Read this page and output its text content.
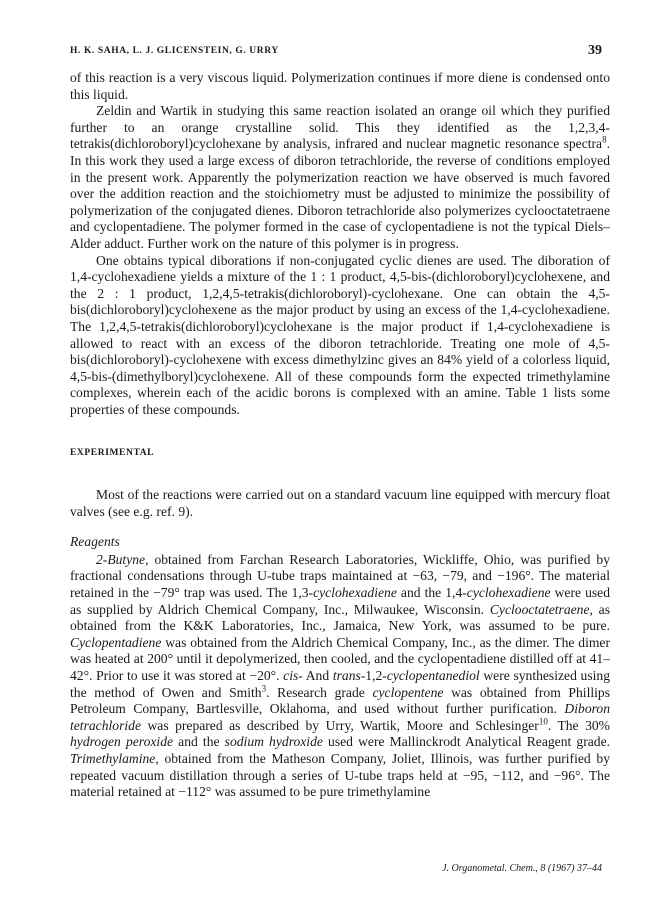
H. K. SAHA, L. J. GLICENSTEIN, G. URRY	39

of this reaction is a very viscous liquid. Polymerization continues if more diene is condensed onto this liquid.

Zeldin and Wartik in studying this same reaction isolated an orange oil which they purified further to an orange crystalline solid. This they identified as the 1,2,3,4-tetrakis(dichloroboryl)cyclohexane by analysis, infrared and nuclear magnetic resonance spectra$^8$. In this work they used a large excess of diboron tetrachloride, the reverse of conditions employed in the present work. Apparently the polymerization reaction we have observed is much favored over the addition reaction and the stoichiometry must be adjusted to minimize the possibility of polymerization of the conjugated dienes. Diboron tetrachloride also polymerizes cyclooctatetraene and cyclopentadiene. The polymer formed in the case of cyclopentadiene is not the typical Diels–Alder adduct. Further work on the nature of this polymer is in progress.

One obtains typical diborations if non-conjugated cyclic dienes are used. The diboration of 1,4-cyclohexadiene yields a mixture of the 1 : 1 product, 4,5-bis-(dichloroboryl)cyclohexene, and the 2 : 1 product, 1,2,4,5-tetrakis(dichloroboryl)-cyclohexane. One can obtain the 4,5-bis(dichloroboryl)cyclohexene as the major product by using an excess of the 1,4-cyclohexadiene. The 1,2,4,5-tetrakis(dichloroboryl)cyclohexane is the major product if 1,4-cyclohexadiene is allowed to react with an excess of the diboron tetrachloride. Treating one mole of 4,5-bis(dichloroboryl)-cyclohexene with excess dimethylzinc gives an 84% yield of a colorless liquid, 4,5-bis-(dimethylboryl)cyclohexene. All of these compounds form the expected trimethylamine complexes, wherein each of the acidic borons is complexed with an amine. Table 1 lists some properties of these compounds.

EXPERIMENTAL

Most of the reactions were carried out on a standard vacuum line equipped with mercury float valves (see e.g. ref. 9).

Reagents

2-Butyne, obtained from Farchan Research Laboratories, Wickliffe, Ohio, was purified by fractional condensations through U-tube traps maintained at −63, −79, and −196°. The material retained in the −79° trap was used. The 1,3-cyclohexadiene and the 1,4-cyclohexadiene were used as supplied by Aldrich Chemical Company, Inc., Milwaukee, Wisconsin. Cyclooctatetraene, as obtained from the K&K Laboratories, Inc., Jamaica, New York, was assumed to be pure. Cyclopentadiene was obtained from the Aldrich Chemical Company, Inc., as the dimer. The dimer was heated at 200° until it depolymerized, then cooled, and the cyclopentadiene distilled off at 41–42°. Prior to use it was stored at −20°. cis- And trans-1,2-cyclopentanediol were synthesized using the method of Owen and Smith$^3$. Research grade cyclopentene was obtained from Phillips Petroleum Company, Bartlesville, Oklahoma, and used without further purification. Diboron tetrachloride was prepared as described by Urry, Wartik, Moore and Schlesinger$^{10}$. The 30% hydrogen peroxide and the sodium hydroxide used were Mallinckrodt Analytical Reagent grade. Trimethylamine, obtained from the Matheson Company, Joliet, Illinois, was further purified by repeated vacuum distillation through a series of U-tube traps held at −95, −112, and −96°. The material retained at −112° was assumed to be pure trimethylamine

J. Organometal. Chem., 8 (1967) 37–44
